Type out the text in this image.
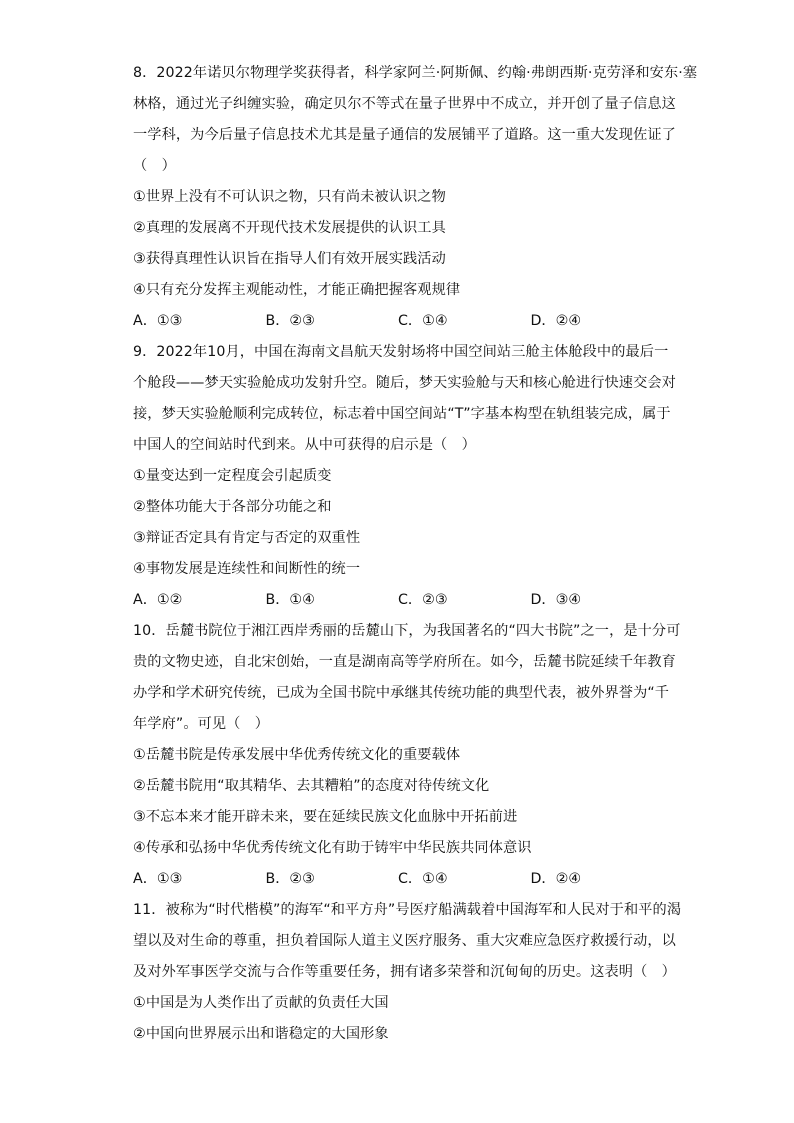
8．2022年诺贝尔物理学奖获得者，科学家阿兰·阿斯佩、约翰·弗朗西斯·克劳泽和安东·塞
林格，通过光子纠缠实验，确定贝尔不等式在量子世界中不成立，并开创了量子信息这
一学科，为今后量子信息技术尤其是量子通信的发展铺平了道路。这一重大发现佐证了
（　）
①世界上没有不可认识之物，只有尚未被认识之物
②真理的发展离不开现代技术发展提供的认识工具
③获得真理性认识旨在指导人们有效开展实践活动
④只有充分发挥主观能动性，才能正确把握客观规律
A．①③	B．②③	C．①④	D．②④
9．2022年10月，中国在海南文昌航天发射场将中国空间站三舱主体舱段中的最后一
个舱段——梦天实验舱成功发射升空。随后，梦天实验舱与天和核心舱进行快速交会对
接，梦天实验舱顺利完成转位，标志着中国空间站“T”字基本构型在轨组装完成，属于
中国人的空间站时代到来。从中可获得的启示是（　）
①量变达到一定程度会引起质变
②整体功能大于各部分功能之和
③辩证否定具有肯定与否定的双重性
④事物发展是连续性和间断性的统一
A．①②	B．①④	C．②③	D．③④
10．岳麓书院位于湘江西岸秀丽的岳麓山下，为我国著名的“四大书院”之一，是十分可
贵的文物史迹，自北宋创始，一直是湖南高等学府所在。如今，岳麓书院延续千年教育
办学和学术研究传统，已成为全国书院中承继其传统功能的典型代表，被外界誉为“千
年学府”。可见（　）
①岳麓书院是传承发展中华优秀传统文化的重要载体
②岳麓书院用“取其精华、去其糟粕”的态度对待传统文化
③不忘本来才能开辟未来，要在延续民族文化血脉中开拓前进
④传承和弘扬中华优秀传统文化有助于铸牢中华民族共同体意识
A．①③	B．②③	C．①④	D．②④
11．被称为“时代楷模”的海军“和平方舟”号医疗船满载着中国海军和人民对于和平的渴
望以及对生命的尊重，担负着国际人道主义医疗服务、重大灾难应急医疗救援行动，以
及对外军事医学交流与合作等重要任务，拥有诸多荣誉和沉甸甸的历史。这表明（　）
①中国是为人类作出了贡献的负责任大国
②中国向世界展示出和谐稳定的大国形象
